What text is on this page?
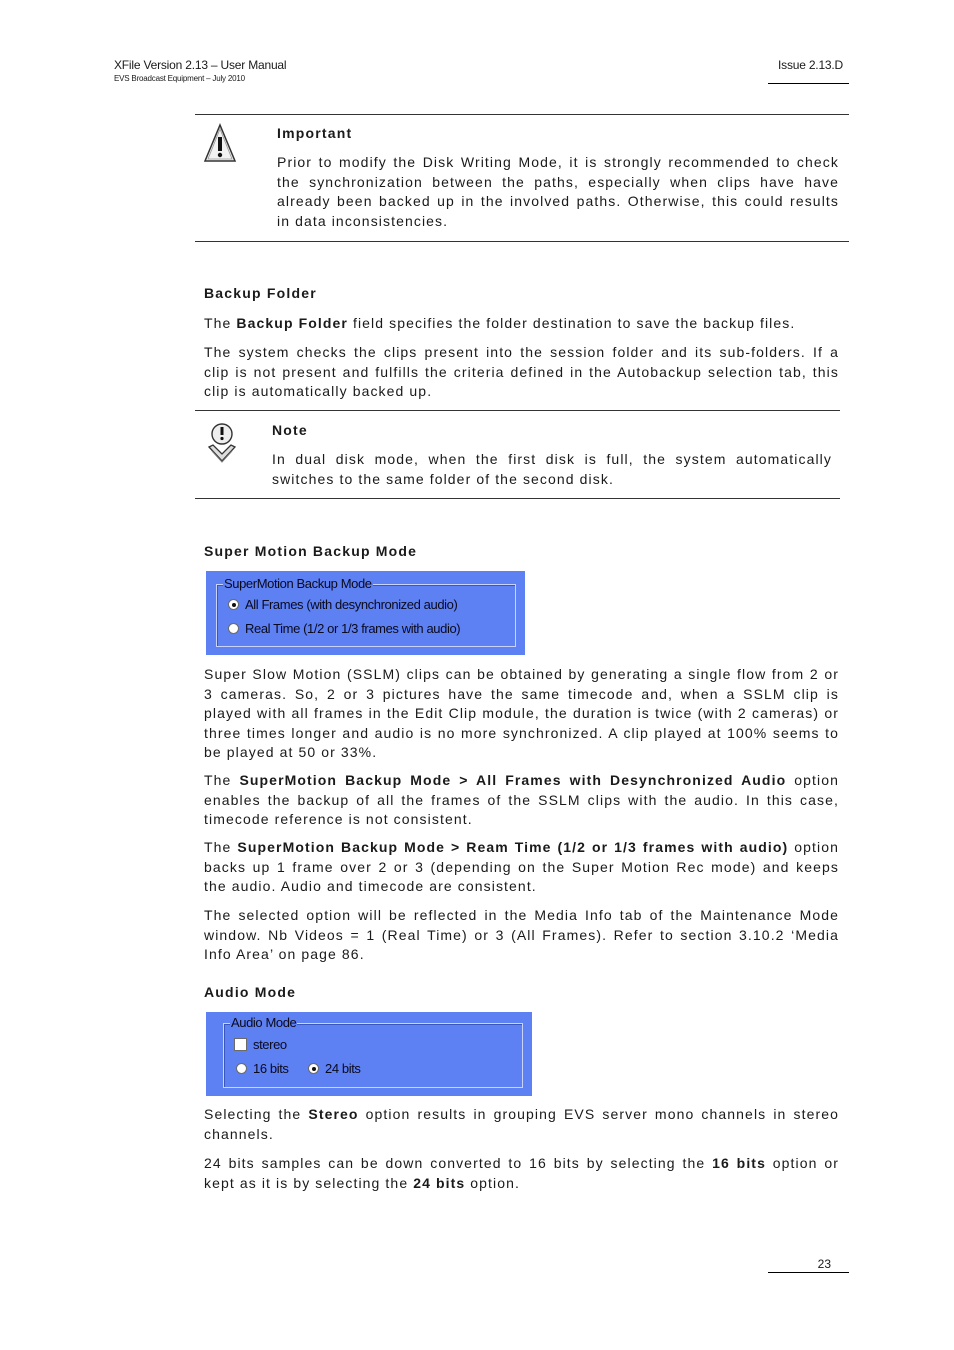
XFile Version 2.13 – User Manual
EVS Broadcast Equipment – July 2010
Issue 2.13.D
Important
Prior to modify the Disk Writing Mode, it is strongly recommended to check the synchronization between the paths, especially when clips have have already been backed up in the involved paths. Otherwise, this could results in data inconsistencies.
Backup Folder
The Backup Folder field specifies the folder destination to save the backup files.
The system checks the clips present into the session folder and its sub-folders. If a clip is not present and fulfills the criteria defined in the Autobackup selection tab, this clip is automatically backed up.
Note
In dual disk mode, when the first disk is full, the system automatically switches to the same folder of the second disk.
Super Motion Backup Mode
SuperMotion Backup Mode
All Frames (with desynchronized audio)
Real Time (1/2 or 1/3 frames with audio)
Super Slow Motion (SSLM) clips can be obtained by generating a single flow from 2 or 3 cameras. So, 2 or 3 pictures have the same timecode and, when a SSLM clip is played with all frames in the Edit Clip module, the duration is twice (with 2 cameras) or three times longer and audio is no more synchronized. A clip played at 100% seems to be played at 50 or 33%.
The SuperMotion Backup Mode > All Frames with Desynchronized Audio option enables the backup of all the frames of the SSLM clips with the audio. In this case, timecode reference is not consistent.
The SuperMotion Backup Mode > Ream Time (1/2 or 1/3 frames with audio) option backs up 1 frame over 2 or 3 (depending on the Super Motion Rec mode) and keeps the audio. Audio and timecode are consistent.
The selected option will be reflected in the Media Info tab of the Maintenance Mode window. Nb Videos = 1 (Real Time) or 3 (All Frames). Refer to section 3.10.2 ‘Media Info Area’ on page 86.
Audio Mode
Audio Mode
stereo
16 bits	24 bits
Selecting the Stereo option results in grouping EVS server mono channels in stereo channels.
24 bits samples can be down converted to 16 bits by selecting the 16 bits option or kept as it is by selecting the 24 bits option.
23
